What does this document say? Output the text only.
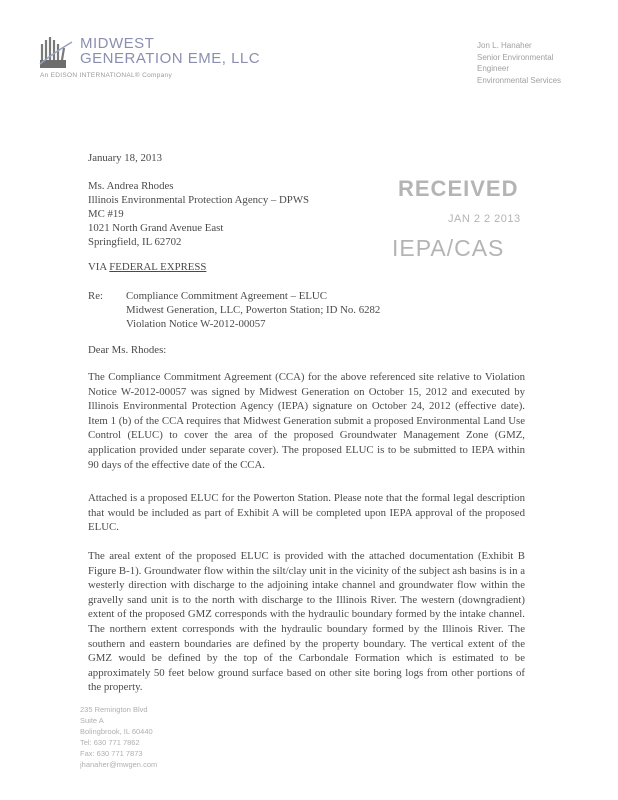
MIDWEST
GENERATION EME, LLC
An EDISON INTERNATIONAL® Company
Jon L. Hanaher
Senior Environmental
Engineer
Environmental Services
RECEIVED
JAN 2 2 2013
IEPA/CAS
January 18, 2013
Ms. Andrea Rhodes
Illinois Environmental Protection Agency – DPWS
MC #19
1021 North Grand Avenue East
Springfield, IL 62702
VIA FEDERAL EXPRESS
Re: Compliance Commitment Agreement – ELUC
Midwest Generation, LLC, Powerton Station; ID No. 6282
Violation Notice W-2012-00057
Dear Ms. Rhodes:
The Compliance Commitment Agreement (CCA) for the above referenced site relative to Violation Notice W-2012-00057 was signed by Midwest Generation on October 15, 2012 and executed by Illinois Environmental Protection Agency (IEPA) signature on October 24, 2012 (effective date). Item 1 (b) of the CCA requires that Midwest Generation submit a proposed Environmental Land Use Control (ELUC) to cover the area of the proposed Groundwater Management Zone (GMZ, application provided under separate cover). The proposed ELUC is to be submitted to IEPA within 90 days of the effective date of the CCA.
Attached is a proposed ELUC for the Powerton Station. Please note that the formal legal description that would be included as part of Exhibit A will be completed upon IEPA approval of the proposed ELUC.
The areal extent of the proposed ELUC is provided with the attached documentation (Exhibit B Figure B-1). Groundwater flow within the silt/clay unit in the vicinity of the subject ash basins is in a westerly direction with discharge to the adjoining intake channel and groundwater flow within the gravelly sand unit is to the north with discharge to the Illinois River. The western (downgradient) extent of the proposed GMZ corresponds with the hydraulic boundary formed by the intake channel. The northern extent corresponds with the hydraulic boundary formed by the Illinois River. The southern and eastern boundaries are defined by the property boundary. The vertical extent of the GMZ would be defined by the top of the Carbondale Formation which is estimated to be approximately 50 feet below ground surface based on other site boring logs from other portions of the property.
235 Remington Blvd
Suite A
Bolingbrook, IL 60440
Tel: 630 771 7862
Fax: 630 771 7873
jhanaher@mwgen.com
